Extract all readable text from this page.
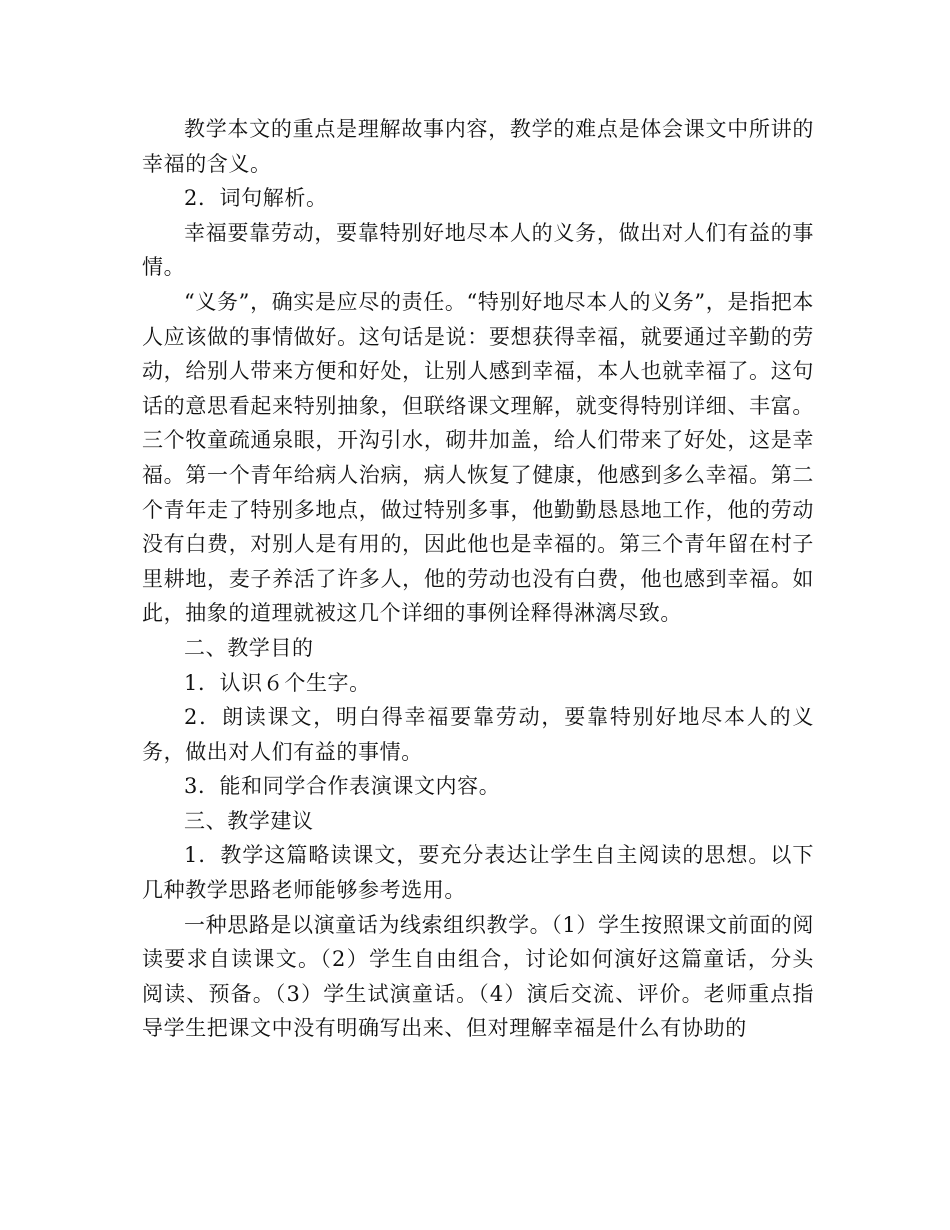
教学本文的重点是理解故事内容，教学的难点是体会课文中所讲的幸福的含义。

2．词句解析。

幸福要靠劳动，要靠特别好地尽本人的义务，做出对人们有益的事情。

“义务”，确实是应尽的责任。“特别好地尽本人的义务”，是指把本人应该做的事情做好。这句话是说：要想获得幸福，就要通过辛勤的劳动，给别人带来方便和好处，让别人感到幸福，本人也就幸福了。这句话的意思看起来特别抽象，但联络课文理解，就变得特别详细、丰富。三个牧童疏通泉眼，开沟引水，砌井加盖，给人们带来了好处，这是幸福。第一个青年给病人治病，病人恢复了健康，他感到多么幸福。第二个青年走了特别多地点，做过特别多事，他勤勤恳恳地工作，他的劳动没有白费，对别人是有用的，因此他也是幸福的。第三个青年留在村子里耕地，麦子养活了许多人，他的劳动也没有白费，他也感到幸福。如此，抽象的道理就被这几个详细的事例诠释得淋漓尽致。

二、教学目的

1．认识６个生字。

2．朗读课文，明白得幸福要靠劳动，要靠特别好地尽本人的义务，做出对人们有益的事情。

3．能和同学合作表演课文内容。

三、教学建议

1．教学这篇略读课文，要充分表达让学生自主阅读的思想。以下几种教学思路老师能够参考选用。

一种思路是以演童话为线索组织教学。（1）学生按照课文前面的阅读要求自读课文。（2）学生自由组合，讨论如何演好这篇童话，分头阅读、预备。（3）学生试演童话。（4）演后交流、评价。老师重点指导学生把课文中没有明确写出来、但对理解幸福是什么有协助的
